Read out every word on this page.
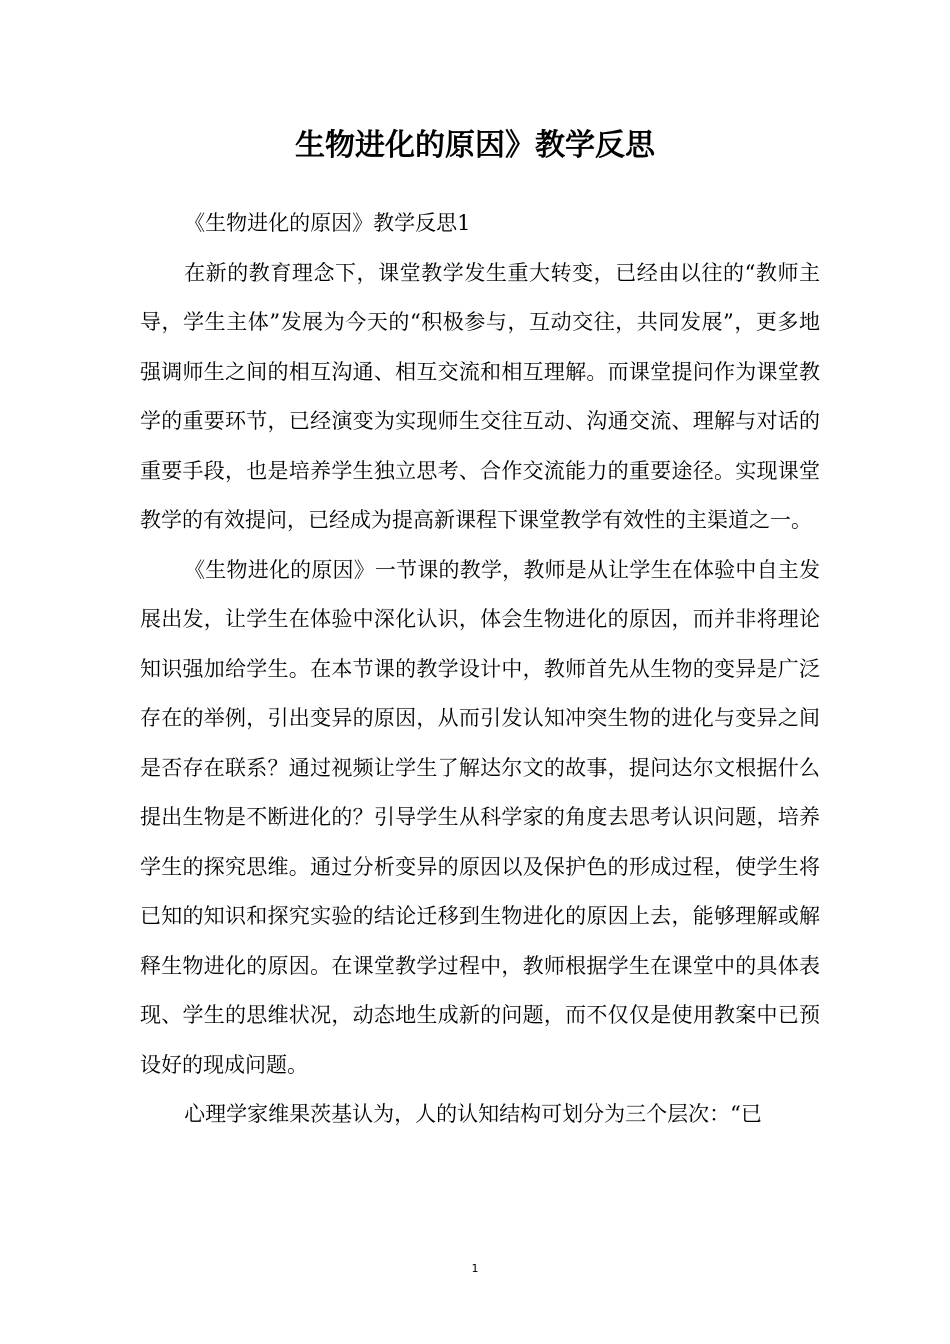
生物进化的原因》教学反思

《生物进化的原因》教学反思1

在新的教育理念下，课堂教学发生重大转变，已经由以往的“教师主导，学生主体”发展为今天的“积极参与，互动交往，共同发展”，更多地强调师生之间的相互沟通、相互交流和相互理解。而课堂提问作为课堂教学的重要环节，已经演变为实现师生交往互动、沟通交流、理解与对话的重要手段，也是培养学生独立思考、合作交流能力的重要途径。实现课堂教学的有效提问，已经成为提高新课程下课堂教学有效性的主渠道之一。

《生物进化的原因》一节课的教学，教师是从让学生在体验中自主发展出发，让学生在体验中深化认识，体会生物进化的原因，而并非将理论知识强加给学生。在本节课的教学设计中，教师首先从生物的变异是广泛存在的举例，引出变异的原因，从而引发认知冲突生物的进化与变异之间是否存在联系？通过视频让学生了解达尔文的故事，提问达尔文根据什么提出生物是不断进化的？引导学生从科学家的角度去思考认识问题，培养学生的探究思维。通过分析变异的原因以及保护色的形成过程，使学生将已知的知识和探究实验的结论迁移到生物进化的原因上去，能够理解或解释生物进化的原因。在课堂教学过程中，教师根据学生在课堂中的具体表现、学生的思维状况，动态地生成新的问题，而不仅仅是使用教案中已预设好的现成问题。

心理学家维果茨基认为，人的认知结构可划分为三个层次：“已

1
